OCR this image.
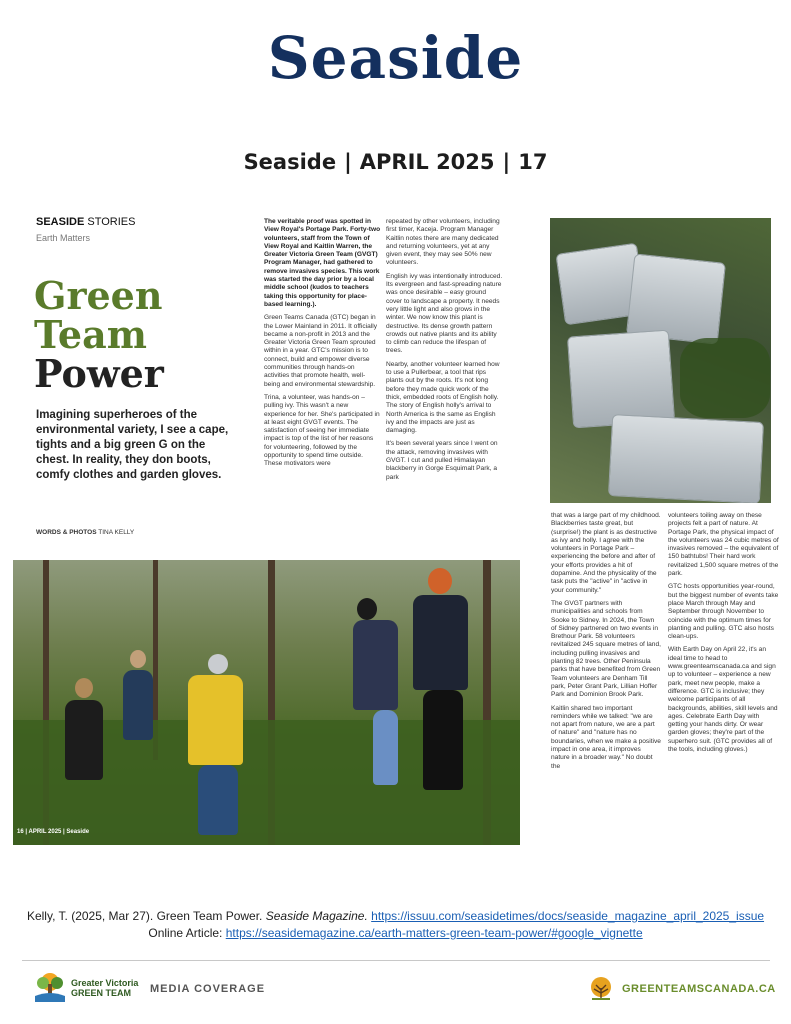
Seaside
Seaside | APRIL 2025 | 17
SEASIDE STORIES
Earth Matters
Green
Team
Power
Imagining superheroes of the environmental variety, I see a cape, tights and a big green G on the chest. In reality, they don boots, comfy clothes and garden gloves.
WORDS & PHOTOS TINA KELLY

The veritable proof was spotted in View Royal's Portage Park. Forty-two volunteers, staff from the Town of View Royal and Kaitlin Warren, the Greater Victoria Green Team (GVGT) Program Manager, had gathered to remove invasives species. This work was started the day prior by a local middle school (kudos to teachers taking this opportunity for place-based learning.).

Green Teams Canada (GTC) began in the Lower Mainland in 2011. It officially became a non-profit in 2013 and the Greater Victoria Green Team sprouted within in a year. GTC's mission is to connect, build and empower diverse communities through hands-on activities that promote health, well-being and environmental stewardship.

Trina, a volunteer, was hands-on – pulling ivy. This wasn't a new experience for her. She's participated in at least eight GVGT events. The satisfaction of seeing her immediate impact is top of the list of her reasons for volunteering, followed by the opportunity to spend time outside. These motivators were

repeated by other volunteers, including first timer, Kaceja. Program Manager Kaitlin notes there are many dedicated and returning volunteers, yet at any given event, they may see 50% new volunteers.

English ivy was intentionally introduced. Its evergreen and fast-spreading nature was once desirable – easy ground cover to landscape a property. It needs very little light and also grows in the winter. We now know this plant is destructive. Its dense growth pattern crowds out native plants and its ability to climb can reduce the lifespan of trees.

Nearby, another volunteer learned how to use a Pullerbear, a tool that rips plants out by the roots. It's not long before they made quick work of the thick, embedded roots of English holly. The story of English holly's arrival to North America is the same as English ivy and the impacts are just as damaging.

It's been several years since I went on the attack, removing invasives with GVGT. I cut and pulled Himalayan blackberry in Gorge Esquimalt Park, a park

that was a large part of my childhood. Blackberries taste great, but (surprise!) the plant is as destructive as ivy and holly. I agree with the volunteers in Portage Park – experiencing the before and after of your efforts provides a hit of dopamine. And the physicality of the task puts the "active" in "active in your community."

The GVGT partners with municipalities and schools from Sooke to Sidney. In 2024, the Town of Sidney partnered on two events in Brethour Park. 58 volunteers revitalized 245 square metres of land, including pulling invasives and planting 82 trees. Other Peninsula parks that have benefited from Green Team volunteers are Denham Till park, Peter Grant Park, Lillian Hoffer Park and Dominion Brook Park.

Kaitlin shared two important reminders while we talked: "we are not apart from nature, we are a part of nature" and "nature has no boundaries, when we make a positive impact in one area, it improves nature in a broader way." No doubt the

volunteers toiling away on these projects felt a part of nature. At Portage Park, the physical impact of the volunteers was 24 cubic metres of invasives removed – the equivalent of 150 bathtubs! Their hard work revitalized 1,500 square metres of the park.

GTC hosts opportunities year-round, but the biggest number of events take place March through May and September through November to coincide with the optimum times for planting and pulling. GTC also hosts clean-ups.

With Earth Day on April 22, it's an ideal time to head to www.greenteamscanada.ca and sign up to volunteer – experience a new park, meet new people, make a difference. GTC is inclusive; they welcome participants of all backgrounds, abilities, skill levels and ages. Celebrate Earth Day with getting your hands dirty. Or wear garden gloves; they're part of the superhero suit. (GTC provides all of the tools, including gloves.)

16 | APRIL 2025 | Seaside
Kelly, T. (2025, Mar 27). Green Team Power. Seaside Magazine. https://issuu.com/seasidetimes/docs/seaside_magazine_april_2025_issue
Online Article: https://seasidemagazine.ca/earth-matters-green-team-power/#google_vignette
Greater Victoria
GREEN TEAM	MEDIA COVERAGE	GREENTEAMSCANADA.CA
